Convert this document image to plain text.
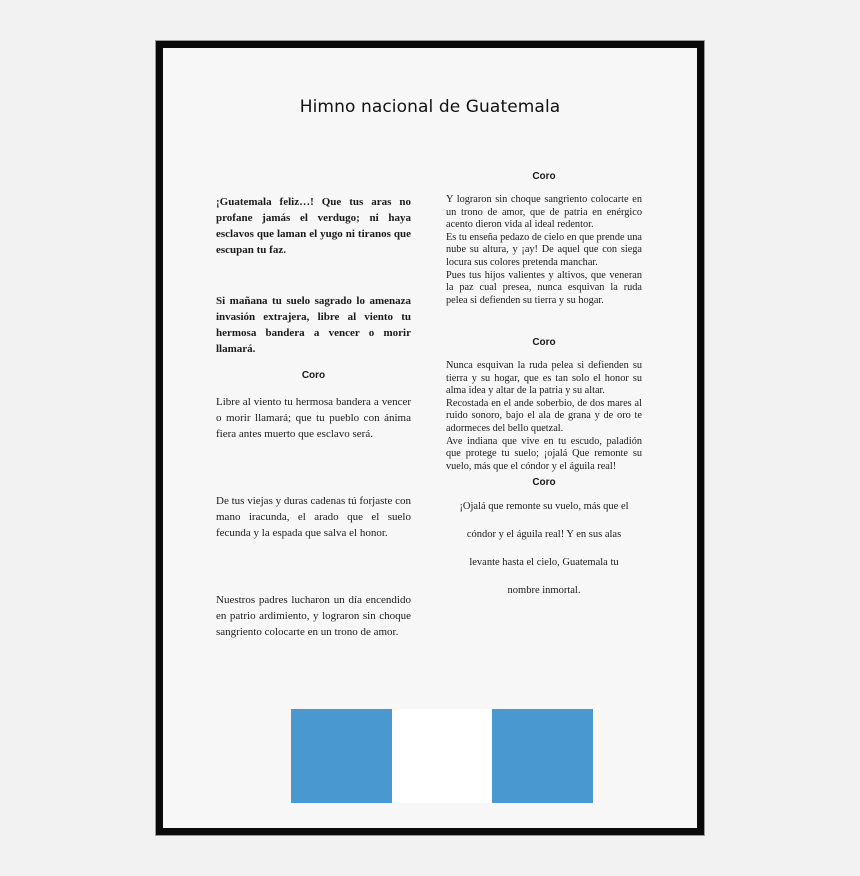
Himno nacional de Guatemala

¡Guatemala feliz…! Que tus aras no profane jamás el verdugo; ni haya esclavos que laman el yugo ni tiranos que escupan tu faz.

Si mañana tu suelo sagrado lo amenaza invasión extrajera, libre al viento tu hermosa bandera a vencer o morir llamará.

Coro

Libre al viento tu hermosa bandera a vencer o morir llamará; que tu pueblo con ánima fiera antes muerto que esclavo será.

De tus viejas y duras cadenas tú forjaste con mano iracunda, el arado que el suelo fecunda y la espada que salva el honor.

Nuestros padres lucharon un día encendido en patrio ardimiento, y lograron sin choque sangriento colocarte en un trono de amor.

Coro

Y lograron sin choque sangriento colocarte en un trono de amor, que de patria en enérgico acento dieron vida al ideal redentor.
Es tu enseña pedazo de cielo en que prende una nube su altura, y ¡ay! De aquel que con siega locura sus colores pretenda manchar.
Pues tus hijos valientes y altivos, que veneran la paz cual presea, nunca esquivan la ruda pelea si defienden su tierra y su hogar.

Coro

Nunca esquivan la ruda pelea si defienden su tierra y su hogar, que es tan solo el honor su alma idea y altar de la patria y su altar.
Recostada en el ande soberbio, de dos mares al ruido sonoro, bajo el ala de grana y de oro te adormeces del bello quetzal.
Ave indiana que vive en tu escudo, paladión que protege tu suelo; ¡ojalá Que remonte su vuelo, más que el cóndor y el águila real!

Coro
¡Ojalá que remonte su vuelo, más que el
cóndor y el águila real! Y en sus alas
levante hasta el cielo, Guatemala tu
nombre inmortal.
